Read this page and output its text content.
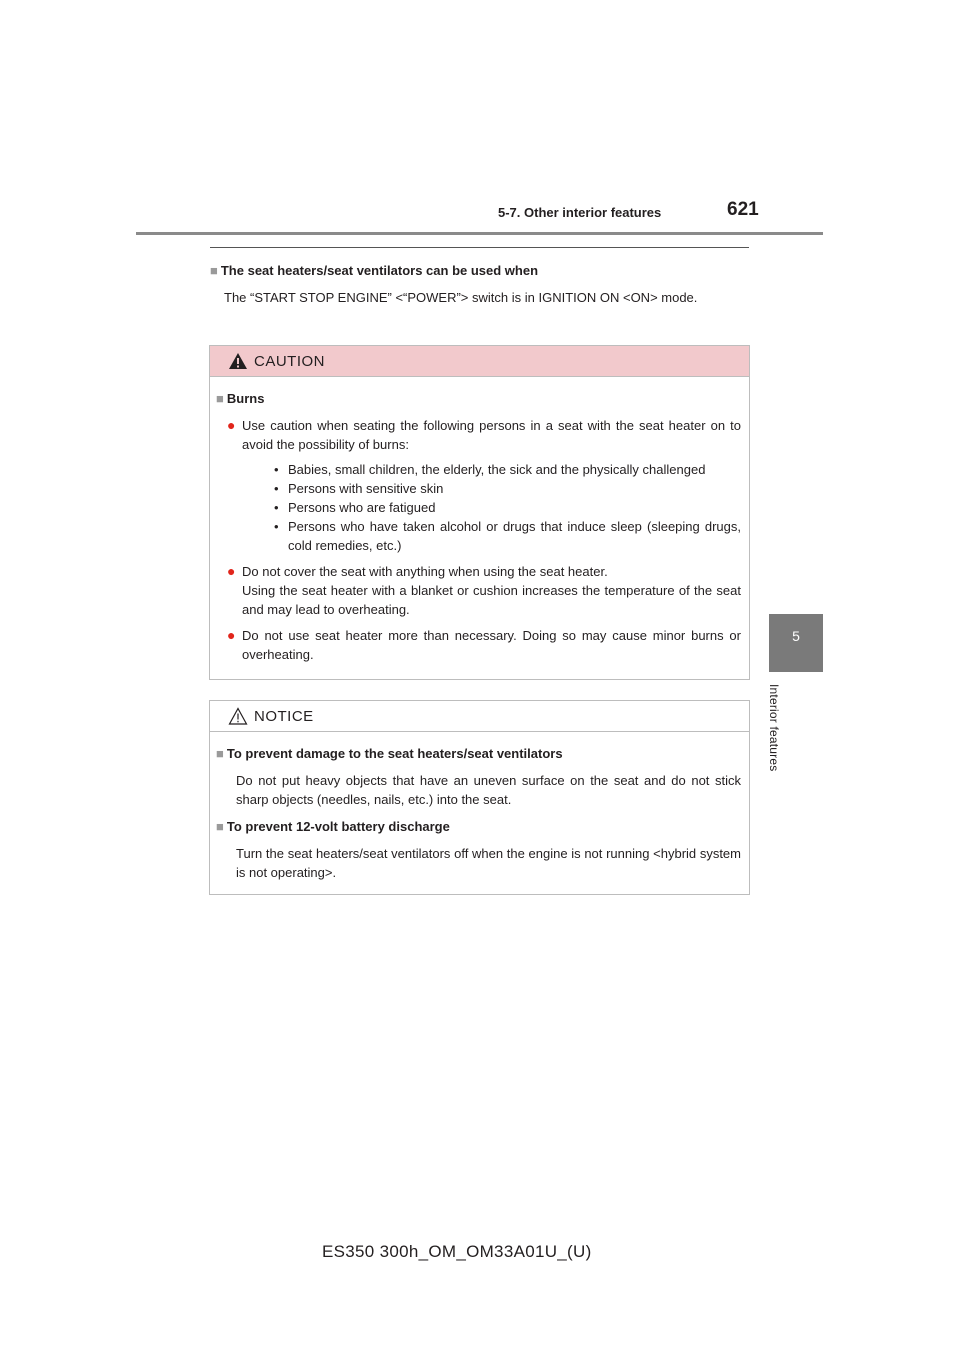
5-7. Other interior features	621
5
Interior features
■ The seat heaters/seat ventilators can be used when

The “START STOP ENGINE” <“POWER”> switch is in IGNITION ON <ON> mode.

CAUTION
■ Burns
● Use caution when seating the following persons in a seat with the seat heater on to avoid the possibility of burns:
• Babies, small children, the elderly, the sick and the physically challenged
• Persons with sensitive skin
• Persons who are fatigued
• Persons who have taken alcohol or drugs that induce sleep (sleeping drugs, cold remedies, etc.)
● Do not cover the seat with anything when using the seat heater.
Using the seat heater with a blanket or cushion increases the temperature of the seat and may lead to overheating.
● Do not use seat heater more than necessary. Doing so may cause minor burns or overheating.
NOTICE
■ To prevent damage to the seat heaters/seat ventilators

Do not put heavy objects that have an uneven surface on the seat and do not stick sharp objects (needles, nails, etc.) into the seat.

■ To prevent 12-volt battery discharge

Turn the seat heaters/seat ventilators off when the engine is not running <hybrid system is not operating>.

ES350 300h_OM_OM33A01U_(U)
